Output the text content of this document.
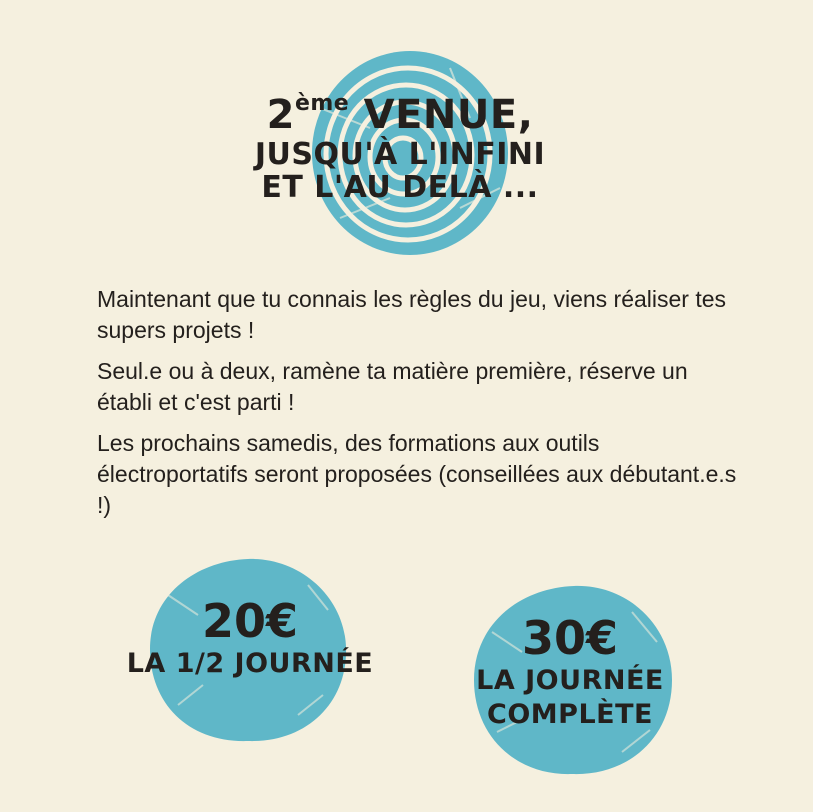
2ème VENUE,
JUSQU'À L'INFINI
ET L'AU DELÀ ...

Maintenant que tu connais les règles du jeu, viens réaliser tes supers projets !

Seul.e ou à deux, ramène ta matière première, réserve un établi et c'est parti !

Les prochains samedis, des formations aux outils électroportatifs seront proposées (conseillées aux débutant.e.s !)

20€
LA 1/2 JOURNÉE	30€
LA JOURNÉE
COMPLÈTE
